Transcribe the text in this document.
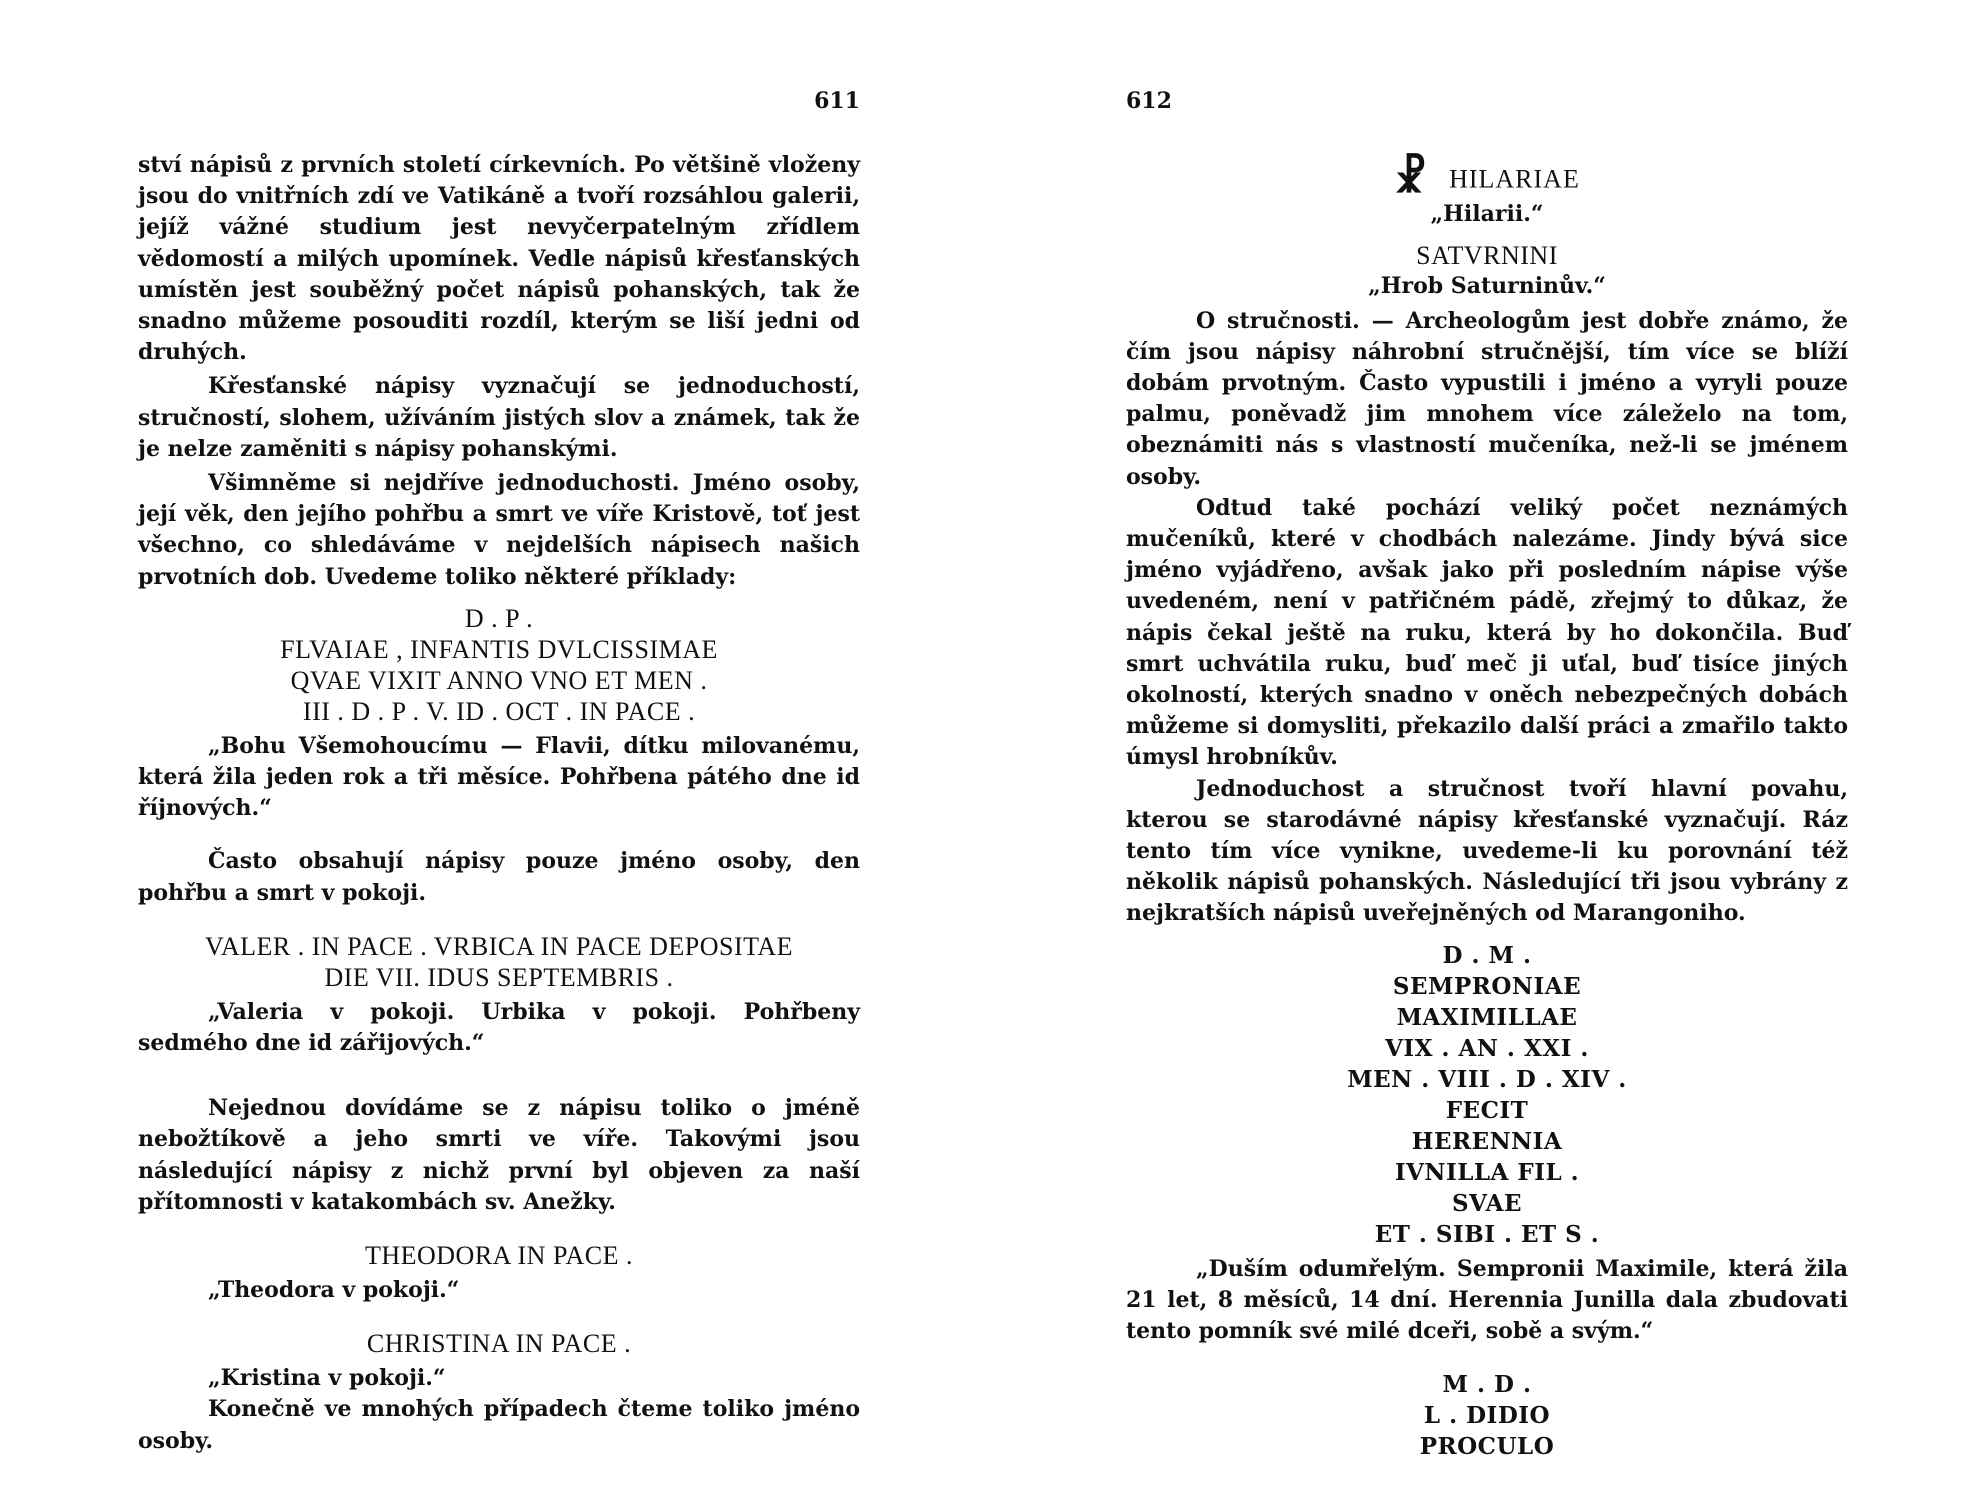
611

ství nápisů z prvních století církevních. Po většině vloženy jsou do vnitřních zdí ve Vatikáně a tvoří rozsáhlou galerii, jejíž vážné studium jest nevyčerpatelným zřídlem vědomostí a milých upomínek. Vedle nápisů křesťanských umístěn jest souběžný počet nápisů pohanských, tak že snadno můžeme posouditi rozdíl, kterým se liší jedni od druhých.

Křesťanské nápisy vyznačují se jednoduchostí, stručností, slohem, užíváním jistých slov a známek, tak že je nelze zaměniti s nápisy pohanskými.

Všimněme si nejdříve jednoduchosti. Jméno osoby, její věk, den jejího pohřbu a smrt ve víře Kristově, toť jest všechno, co shledáváme v nejdelších nápisech našich prvotních dob. Uvedeme toliko některé příklady:

D . P .

FLVAIAE , INFANTIS DVLCISSIMAE

QVAE VIXIT ANNO VNO ET MEN .

III . D . P . V. ID . OCT . IN PACE .

„Bohu Všemohoucímu — Flavii, dítku milovanému, která žila jeden rok a tři měsíce. Pohřbena pátého dne id říjnových.“

Často obsahují nápisy pouze jméno osoby, den pohřbu a smrt v pokoji.

VALER . IN PACE . VRBICA IN PACE DEPOSITAE

DIE VII. IDUS SEPTEMBRIS .

„Valeria v pokoji. Urbika v pokoji. Pohřbeny sedmého dne id zářijových.“

Nejednou dovídáme se z nápisu toliko o jméně nebožtíkově a jeho smrti ve víře. Takovými jsou následující nápisy z nichž první byl objeven za naší přítomnosti v katakombách sv. Anežky.

THEODORA IN PACE .

„Theodora v pokoji.“

CHRISTINA IN PACE .

„Kristina v pokoji.“

Konečně ve mnohých případech čteme toliko jméno osoby.

612

☧ HILARIAE

„Hilarii.“

SATVRNINI

„Hrob Saturninův.“

O stručnosti. — Archeologům jest dobře známo, že čím jsou nápisy náhrobní stručnější, tím více se blíží dobám prvotným. Často vypustili i jméno a vyryli pouze palmu, poněvadž jim mnohem více záleželo na tom, obeznámiti nás s vlastností mučeníka, než-li se jménem osoby.

Odtud také pochází veliký počet neznámých mučeníků, které v chodbách nalezáme. Jindy bývá sice jméno vyjádřeno, avšak jako při posledním nápise výše uvedeném, není v patřičném pádě, zřejmý to důkaz, že nápis čekal ještě na ruku, která by ho dokončila. Buď smrt uchvátila ruku, buď meč ji uťal, buď tisíce jiných okolností, kterých snadno v oněch nebezpečných dobách můžeme si domysliti, překazilo další práci a zmařilo takto úmysl hrobníkův.

Jednoduchost a stručnost tvoří hlavní povahu, kterou se starodávné nápisy křesťanské vyznačují. Ráz tento tím více vynikne, uvedeme-li ku porovnání též několik nápisů pohanských. Následující tři jsou vybrány z nejkratších nápisů uveřejněných od Marangoniho.

D . M .

SEMPRONIAE

MAXIMILLAE

VIX . AN . XXI .

MEN . VIII . D . XIV .

FECIT

HERENNIA

IVNILLA FIL .

SVAE

ET . SIBI . ET S .

„Duším odumřelým. Sempronii Maximile, která žila 21 let, 8 měsíců, 14 dní. Herennia Junilla dala zbudovati tento pomník své milé dceři, sobě a svým.“

M . D .

L . DIDIO

PROCULO
